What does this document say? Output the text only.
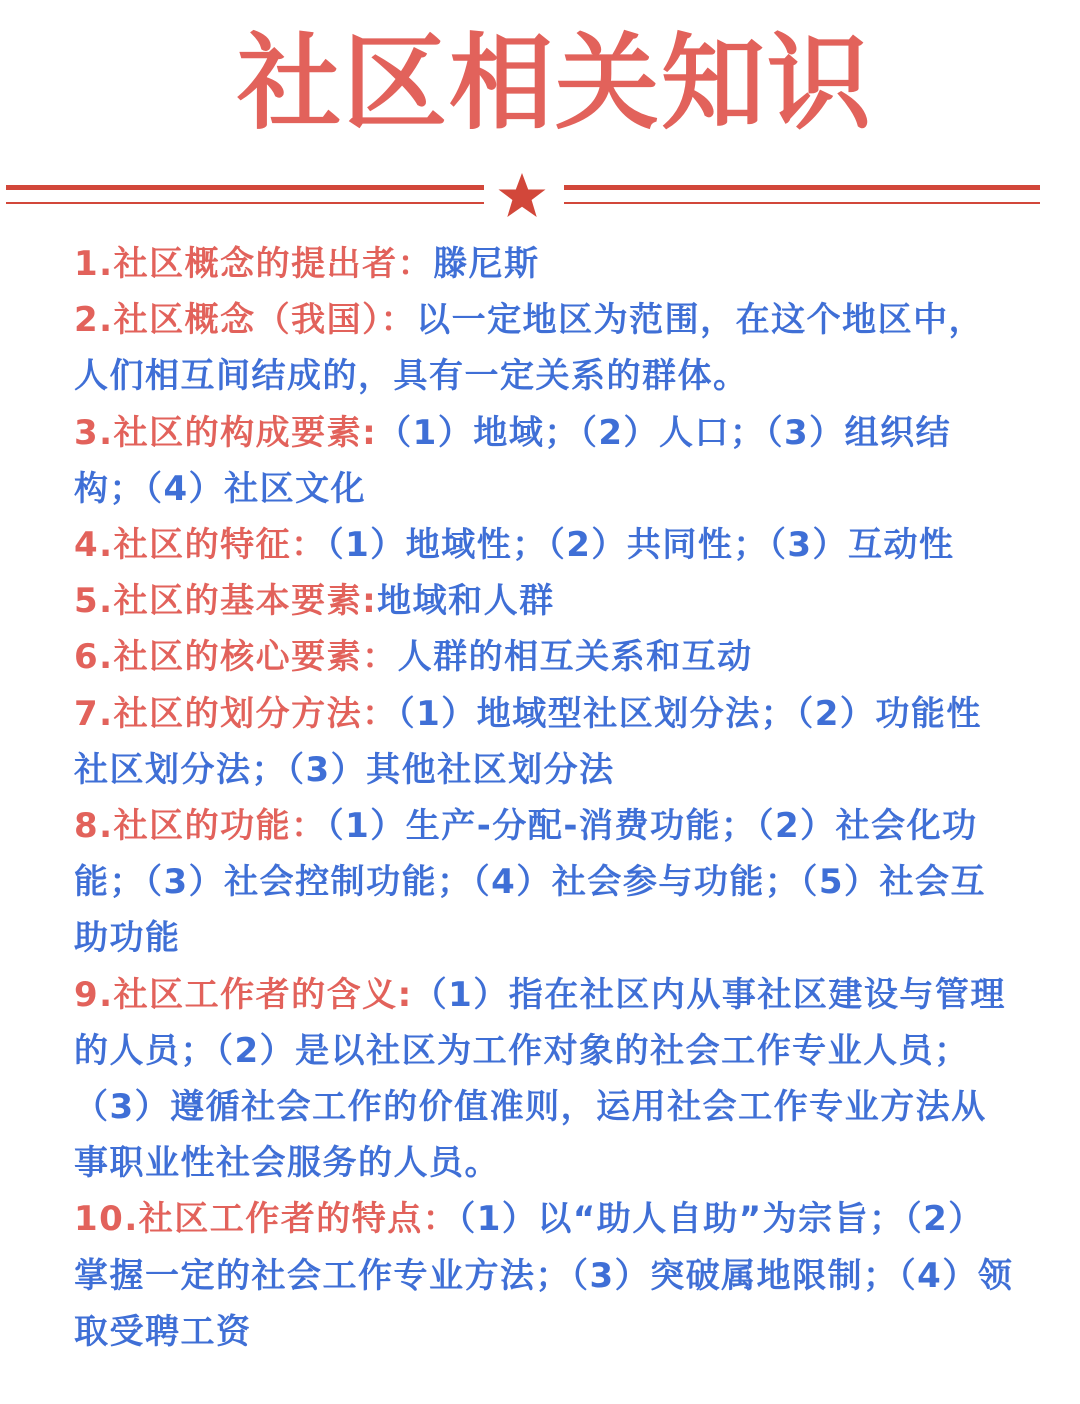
社区相关知识

1.社区概念的提出者：滕尼斯

2.社区概念（我国）：以一定地区为范围，在这个地区中，人们相互间结成的，具有一定关系的群体。

3.社区的构成要素:（1）地域；（2）人口；（3）组织结构；（4）社区文化

4.社区的特征：（1）地域性；（2）共同性；（3）互动性

5.社区的基本要素:地域和人群

6.社区的核心要素：人群的相互关系和互动

7.社区的划分方法：（1）地域型社区划分法；（2）功能性社区划分法；（3）其他社区划分法

8.社区的功能：（1）生产-分配-消费功能；（2）社会化功能；（3）社会控制功能；（4）社会参与功能；（5）社会互助功能

9.社区工作者的含义:（1）指在社区内从事社区建设与管理的人员；（2）是以社区为工作对象的社会工作专业人员；（3）遵循社会工作的价值准则，运用社会工作专业方法从事职业性社会服务的人员。

10.社区工作者的特点：（1）以“助人自助”为宗旨；（2）掌握一定的社会工作专业方法；（3）突破属地限制；（4）领取受聘工资
